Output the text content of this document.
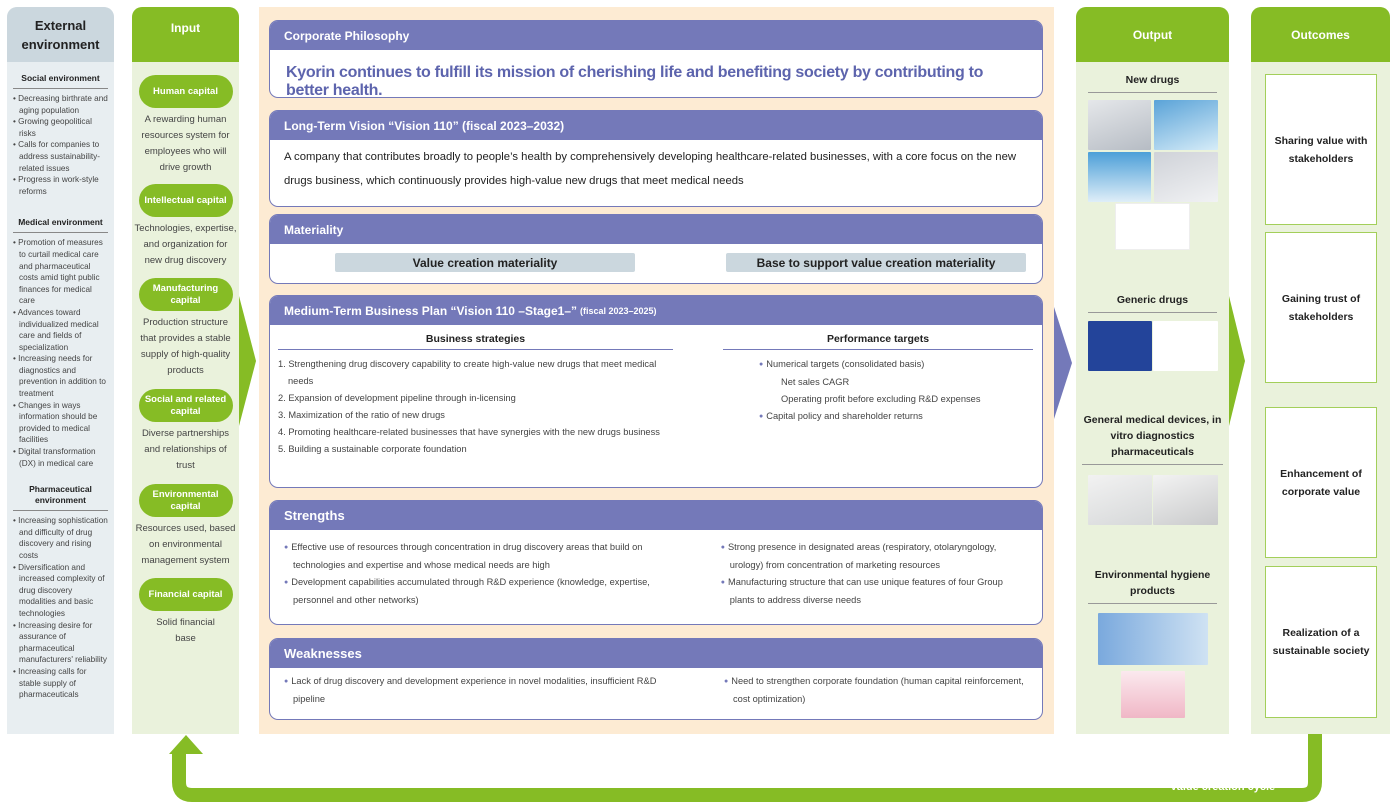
External
environment
Social environment
• Decreasing birthrate and aging population
• Growing geopolitical risks
• Calls for companies to address sustainability-related issues
• Progress in work-style reforms
Medical environment
• Promotion of measures to curtail medical care and pharmaceutical costs amid tight public finances for medical care
• Advances toward individualized medical care and fields of specialization
• Increasing needs for diagnostics and prevention in addition to treatment
• Changes in ways information should be provided to medical facilities
• Digital transformation (DX) in medical care
Pharmaceutical environment
• Increasing sophistication and difficulty of drug discovery and rising costs
• Diversification and increased complexity of drug discovery modalities and basic technologies
• Increasing desire for assurance of pharmaceutical manufacturers' reliability
• Increasing calls for stable supply of pharmaceuticals
Input
Human capital
A rewarding human resources system for employees who will drive growth
Intellectual capital
Technologies, expertise, and organization for new drug discovery
Manufacturing capital
Production structure that provides a stable supply of high-quality products
Social and related capital
Diverse partnerships and relationships of trust
Environmental capital
Resources used, based on environmental management system
Financial capital
Solid financial base
Corporate Philosophy
Kyorin continues to fulfill its mission of cherishing life and benefiting society by contributing to better health.
Long-Term Vision “Vision 110” (fiscal 2023–2032)
A company that contributes broadly to people’s health by comprehensively developing healthcare-related businesses, with a core focus on the new drugs business, which continuously provides high-value new drugs that meet medical needs
Materiality
Value creation materiality	Base to support value creation materiality
Medium-Term Business Plan “Vision 110 –Stage1–” (fiscal 2023–2025)
Business strategies
1. Strengthening drug discovery capability to create high-value new drugs that meet medical needs
2. Expansion of development pipeline through in-licensing
3. Maximization of the ratio of new drugs
4. Promoting healthcare-related businesses that have synergies with the new drugs business
5. Building a sustainable corporate foundation
Performance targets
● Numerical targets (consolidated basis)
Net sales CAGR
Operating profit before excluding R&D expenses
● Capital policy and shareholder returns
Strengths
● Effective use of resources through concentration in drug discovery areas that build on technologies and expertise and whose medical needs are high
● Development capabilities accumulated through R&D experience (knowledge, expertise, personnel and other networks)
● Strong presence in designated areas (respiratory, otolaryngology, urology) from concentration of marketing resources
● Manufacturing structure that can use unique features of four Group plants to address diverse needs
Weaknesses
● Lack of drug discovery and development experience in novel modalities, insufficient R&D pipeline
● Need to strengthen corporate foundation (human capital reinforcement, cost optimization)
Output
New drugs
Generic drugs
General medical devices, in vitro diagnostics pharmaceuticals
Environmental hygiene products
Outcomes
Sharing value with stakeholders
Gaining trust of stakeholders
Enhancement of corporate value
Realization of a sustainable society
Value creation cycle
